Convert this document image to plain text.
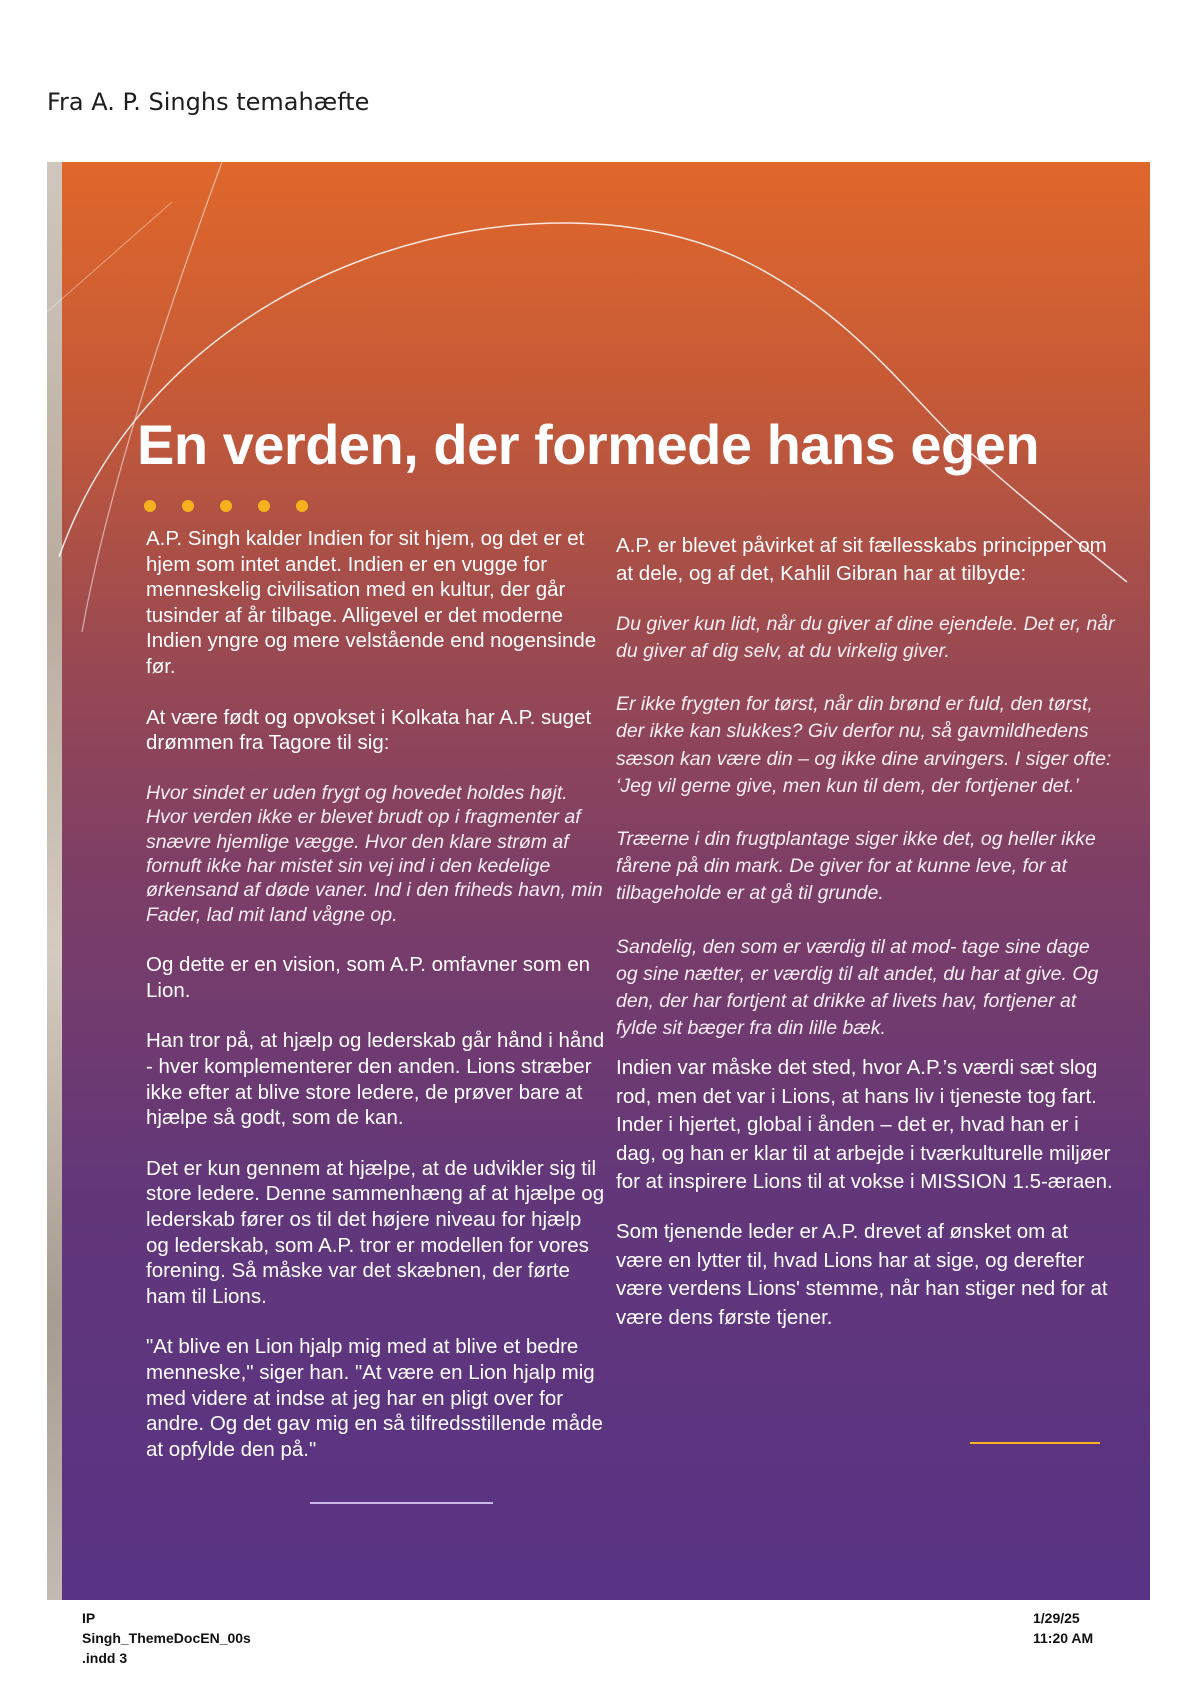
Fra A. P. Singhs temahæfte
En verden, der formede hans egen

A.P. Singh kalder Indien for sit hjem, og det er et hjem som intet andet. Indien er en vugge for menneskelig civilisation med en kultur, der går tusinder af år tilbage. Alligevel er det moderne Indien yngre og mere velstående end nogensinde før.

At være født og opvokset i Kolkata har A.P. suget drømmen fra Tagore til sig:

Hvor sindet er uden frygt og hovedet holdes højt. Hvor verden ikke er blevet brudt op i fragmenter af snævre hjemlige vægge. Hvor den klare strøm af fornuft ikke har mistet sin vej ind i den kedelige ørkensand af døde vaner. Ind i den friheds havn, min Fader, lad mit land vågne op.

Og dette er en vision, som A.P. omfavner som en Lion.

Han tror på, at hjælp og lederskab går hånd i hånd - hver komplementerer den anden. Lions stræber ikke efter at blive store ledere, de prøver bare at hjælpe så godt, som de kan.

Det er kun gennem at hjælpe, at de udvikler sig til store ledere. Denne sammenhæng af at hjælpe og lederskab fører os til det højere niveau for hjælp og lederskab, som A.P. tror er modellen for vores forening. Så måske var det skæbnen, der førte ham til Lions.

"At blive en Lion hjalp mig med at blive et bedre menneske," siger han. "At være en Lion hjalp mig med videre at indse at jeg har en pligt over for andre. Og det gav mig en så tilfredsstillende måde at opfylde den på."

A.P. er blevet påvirket af sit fællesskabs principper om at dele, og af det, Kahlil Gibran har at tilbyde:

Du giver kun lidt, når du giver af dine ejendele. Det er, når du giver af dig selv, at du virkelig giver.

Er ikke frygten for tørst, når din brønd er fuld, den tørst, der ikke kan slukkes? Giv derfor nu, så gavmildhedens sæson kan være din – og ikke dine arvingers. I siger ofte: ‘Jeg vil gerne give, men kun til dem, der fortjener det.’

Træerne i din frugtplantage siger ikke det, og heller ikke fårene på din mark. De giver for at kunne leve, for at tilbageholde er at gå til grunde.

Sandelig, den som er værdig til at mod- tage sine dage og sine nætter, er værdig til alt andet, du har at give. Og den, der har fortjent at drikke af livets hav, fortjener at fylde sit bæger fra din lille bæk.

Indien var måske det sted, hvor A.P.’s værdi sæt slog rod, men det var i Lions, at hans liv i tjeneste tog fart. Inder i hjertet, global i ånden – det er, hvad han er i dag, og han er klar til at arbejde i tværkulturelle miljøer for at inspirere Lions til at vokse i MISSION 1.5-æraen.

Som tjenende leder er A.P. drevet af ønsket om at være en lytter til, hvad Lions har at sige, og derefter være verdens Lions' stemme, når han stiger ned for at være dens første tjener.

IP
Singh_ThemeDocEN_00s
.indd 3
1/29/25
11:20 AM
